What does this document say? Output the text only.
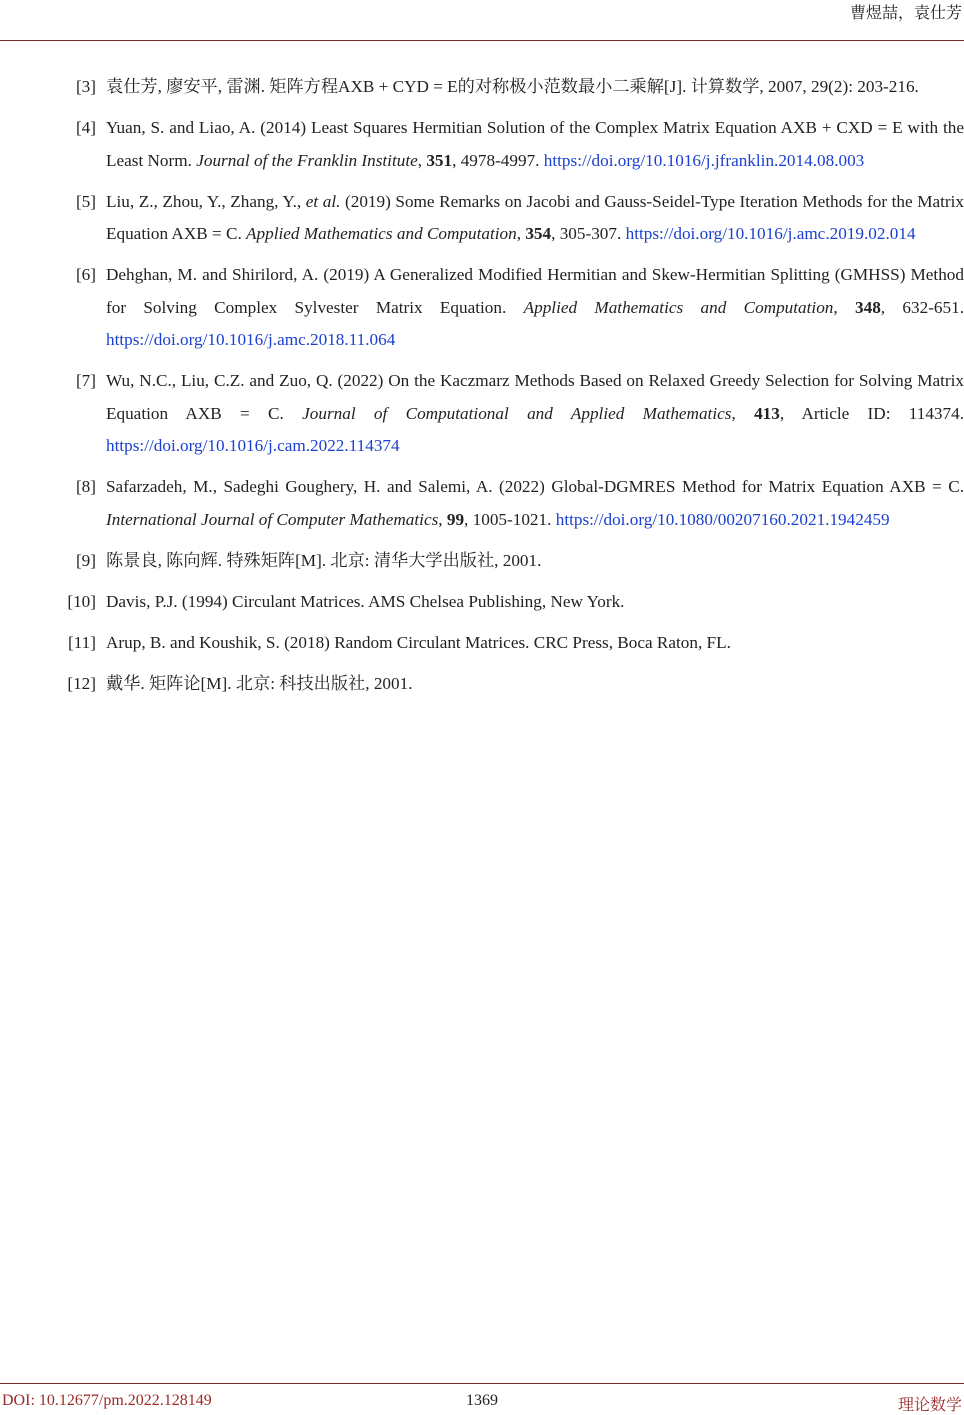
曹煜喆，袁仕芳
[3] 袁仕芳, 廖安平, 雷渊. 矩阵方程AXB + CYD = E的对称极小范数最小二乘解[J]. 计算数学, 2007, 29(2): 203-216.
[4] Yuan, S. and Liao, A. (2014) Least Squares Hermitian Solution of the Complex Matrix Equation AXB + CXD = E with the Least Norm. Journal of the Franklin Institute, 351, 4978-4997. https://doi.org/10.1016/j.jfranklin.2014.08.003
[5] Liu, Z., Zhou, Y., Zhang, Y., et al. (2019) Some Remarks on Jacobi and Gauss-Seidel-Type Iteration Methods for the Matrix Equation AXB = C. Applied Mathematics and Computation, 354, 305-307. https://doi.org/10.1016/j.amc.2019.02.014
[6] Dehghan, M. and Shirilord, A. (2019) A Generalized Modified Hermitian and Skew-Hermitian Splitting (GMHSS) Method for Solving Complex Sylvester Matrix Equation. Applied Mathematics and Computation, 348, 632-651. https://doi.org/10.1016/j.amc.2018.11.064
[7] Wu, N.C., Liu, C.Z. and Zuo, Q. (2022) On the Kaczmarz Methods Based on Relaxed Greedy Selection for Solving Matrix Equation AXB = C. Journal of Computational and Applied Mathematics, 413, Article ID: 114374. https://doi.org/10.1016/j.cam.2022.114374
[8] Safarzadeh, M., Sadeghi Goughery, H. and Salemi, A. (2022) Global-DGMRES Method for Matrix Equation AXB = C. International Journal of Computer Mathematics, 99, 1005-1021. https://doi.org/10.1080/00207160.2021.1942459
[9] 陈景良, 陈向辉. 特殊矩阵[M]. 北京: 清华大学出版社, 2001.
[10] Davis, P.J. (1994) Circulant Matrices. AMS Chelsea Publishing, New York.
[11] Arup, B. and Koushik, S. (2018) Random Circulant Matrices. CRC Press, Boca Raton, FL.
[12] 戴华. 矩阵论[M]. 北京: 科技出版社, 2001.
DOI: 10.12677/pm.2022.128149	1369	理论数学
